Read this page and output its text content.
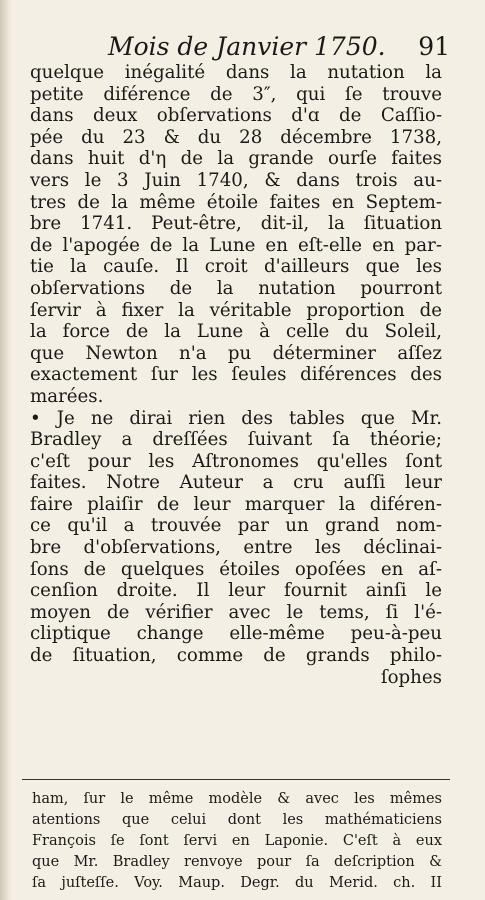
Mois de Janvier 1750. 91
quelque inégalité dans la nutation la
petite diférence de 3″, qui ſe trouve
dans deux obſervations d'ɑ de Caſſio-
pée du 23 & du 28 décembre 1738,
dans huit d'η de la grande ourſe faites
vers le 3 Juin 1740, & dans trois au-
tres de la même étoile faites en Septem-
bre 1741. Peut-être, dit-il, la ſituation
de l'apogée de la Lune en eſt-elle en par-
tie la cauſe. Il croit d'ailleurs que les
obſervations de la nutation pourront
ſervir à fixer la véritable proportion de
la force de la Lune à celle du Soleil,
que Newton n'a pu déterminer aſſez
exactement ſur les ſeules diférences des
marées.
• Je ne dirai rien des tables que Mr.
Bradley a dreſſées ſuivant ſa théorie;
c'eſt pour les Aſtronomes qu'elles ſont
faites. Notre Auteur a cru auſſi leur
faire plaiſir de leur marquer la diféren-
ce qu'il a trouvée par un grand nom-
bre d'obſervations, entre les déclinai-
ſons de quelques étoiles opoſées en aſ-
cenſion droite. Il leur fournit ainſi le
moyen de vérifier avec le tems, ſi l'é-
cliptique change elle-même peu-à-peu
de ſituation, comme de grands philo-
ſophes
ham, ſur le même modèle & avec les mêmes
atentions que celui dont les mathématiciens
François ſe ſont ſervi en Laponie. C'eſt à eux
que Mr. Bradley renvoye pour ſa deſcription &
ſa juſteſſe. Voy. Maup. Degr. du Merid. ch. II
